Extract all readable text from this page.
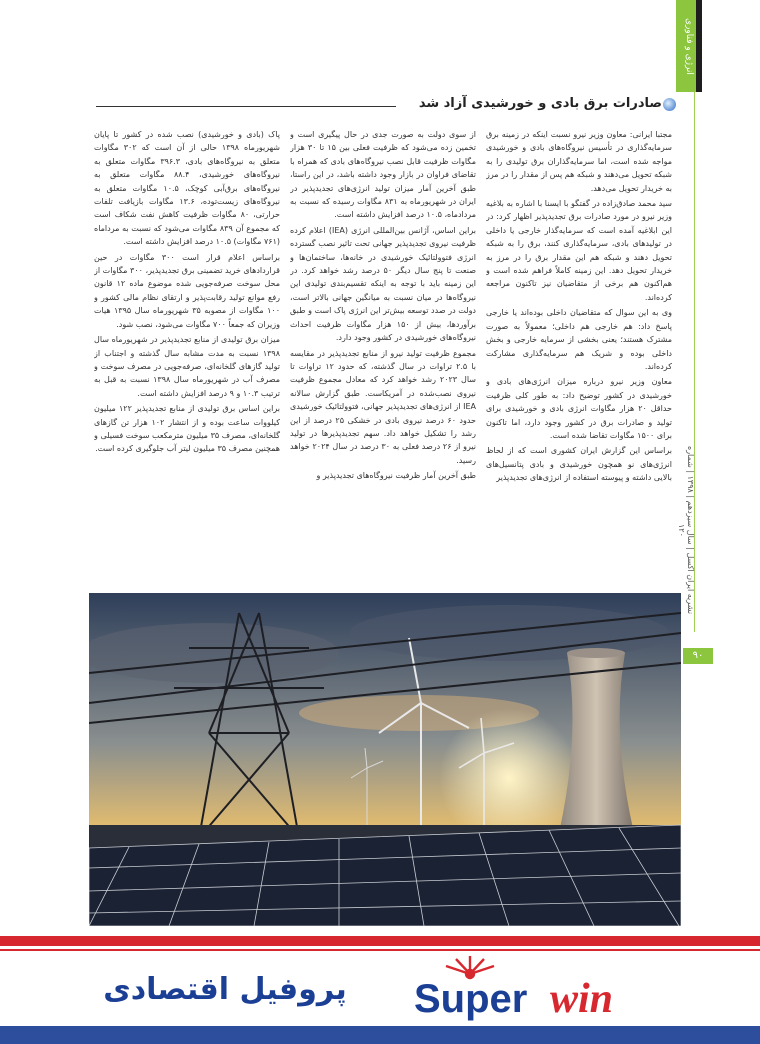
انرژی و فناوری
نشریه ایران اکسل | سال سیزدهم | ۱۳۹۸ | شماره ۱۲۰
۹۰
صادرات برق بادی و خورشیدی آزاد شد

مجتبا ایرانی: معاون وزیر نیرو نسبت اینکه در زمینه برق سرمایه‌گذاری در تأسیس نیروگاه‌های بادی و خورشیدی مواجه شده است، اما سرمایه‌گذاران برق تولیدی را به شبکه تحویل می‌دهند و شبکه هم پس از مقدار را در مرز به خریدار تحویل می‌دهد.

سید محمد صادق‌زاده در گفتگو با ایسنا با اشاره به بلاغیه وزیر نیرو در مورد صادرات برق تجدیدپذیر اظهار کرد: در این ابلاغیه آمده است که سرمایه‌گذار خارجی یا داخلی در تولیدهای بادی، سرمایه‌گذاری کنند، برق را به شبکه تحویل دهند و شبکه هم این مقدار برق را در مرز به خریدار تحویل دهد. این زمینه کاملاً فراهم شده است و هم‌اکنون هم برخی از متقاضیان نیز تاکنون مراجعه کرده‌اند.

وی به این سوال که متقاضیان داخلی بوده‌اند یا خارجی پاسخ داد: هم خارجی هم داخلی؛ معمولاً به صورت مشترک هستند؛ یعنی بخشی از سرمایه خارجی و بخش داخلی بوده و شریک هم سرمایه‌گذاری مشارکت کرده‌اند.

معاون وزیر نیرو درباره میزان انرژی‌های بادی و خورشیدی در کشور توضیح داد: به طور کلی ظرفیت حداقل ۲۰ هزار مگاوات انرژی بادی و خورشیدی برای تولید و صادرات برق در کشور وجود دارد، اما تاکنون برای ۱۵۰۰ مگاوات تقاضا شده است.

براساس این گزارش ایران کشوری است که از لحاظ انرژی‌های نو همچون خورشیدی و بادی پتانسیل‌های بالایی داشته و پیوسته استفاده از انرژی‌های تجدیدپذیر

از سوی دولت به صورت جدی در حال پیگیری است و تخمین زده می‌شود که ظرفیت فعلی بین ۱۵ تا ۳۰ هزار مگاوات ظرفیت قابل نصب نیروگاه‌های بادی که همراه با تقاضای فراوان در بازار وجود داشته باشد، در این راستا، طبق آخرین آمار میزان تولید انرژی‌های تجدیدپذیر در ایران در شهریورماه به ۸۳۱ مگاوات رسیده که نسبت به مردادماه، ۱۰.۵ درصد افزایش داشته است.

براین اساس، آژانس بین‌المللی انرژی (IEA) اعلام کرده ظرفیت نیروی تجدیدپذیر جهانی تحت تاثیر نصب گسترده انرژی فتوولتائیک خورشیدی در خانه‌ها، ساختمان‌ها و صنعت تا پنج سال دیگر ۵۰ درصد رشد خواهد کرد. در این زمینه باید با توجه به اینکه تقسیم‌بندی تولیدی این نیروگاه‌ها در میان نسبت به میانگین جهانی بالاتر است، دولت در صدد توسعه بیش‌تر این انرژی پاک است و طبق برآوردها، بیش از ۱۵۰ هزار مگاوات ظرفیت احداث نیروگاه‌های خورشیدی در کشور وجود دارد.

مجموع ظرفیت تولید نیرو از منابع تجدیدپذیر در مقایسه با ۲.۵ تراوات در سال گذشته، که حدود ۱۲ تراوات تا سال ۲۰۲۳ رشد خواهد کرد که معادل مجموع ظرفیت نیروی نصب‌شده در آمریکاست. طبق گزارش سالانه IEA از انرژی‌های تجدیدپذیر جهانی، فتوولتائیک خورشیدی حدود ۶۰ درصد نیروی بادی در خشکی ۲۵ درصد از این رشد را تشکیل خواهد داد. سهم تجدیدپذیرها در تولید نیرو از ۲۶ درصد فعلی به ۳۰ درصد در سال ۲۰۲۴ خواهد رسید.

طبق آخرین آمار ظرفیت نیروگاه‌های تجدیدپذیر و

پاک (بادی و خورشیدی) نصب شده در کشور تا پایان شهریورماه ۱۳۹۸ حالی از آن است که ۳۰۲ مگاوات متعلق به نیروگاه‌های بادی، ۳۹۶.۳ مگاوات متعلق به نیروگاه‌های خورشیدی، ۸۸.۴ مگاوات متعلق به نیروگاه‌های برق‌آبی کوچک، ۱۰.۵ مگاوات متعلق به نیروگاه‌های زیست‌توده، ۱۳.۶ مگاوات بازیافت تلفات حرارتی، ۸۰ مگاوات ظرفیت کاهش نفت شکاف است که مجموع آن ۸۳۹ مگاوات می‌شود که نسبت به مرداماه (۷۶۱ مگاوات) ۱۰.۵ درصد افزایش داشته است.

براساس اعلام قرار است ۳۰۰ مگاوات در حین قراردادهای خرید تضمینی برق تجدیدپذیر، ۳۰۰ مگاوات از محل سوخت صرفه‌جویی شده موضوع ماده ۱۲ قانون رفع موانع تولید رقابت‌پذیر و ارتقای نظام مالی کشور و ۱۰۰ مگاوات از مصوبه ۳۵ شهریورماه سال ۱۳۹۵ هیات وزیران که جمعاً ۷۰۰ مگاوات می‌شود، نصب شود.

میزان برق تولیدی از منابع تجدیدپذیر در شهریورماه سال ۱۳۹۸ نسبت به مدت مشابه سال گذشته و اجتناب از تولید گازهای گلخانه‌ای، صرفه‌جویی در مصرف سوخت و مصرف آب در شهریورماه سال ۱۳۹۸ نسبت به قبل به ترتیب ۱۰.۳ و ۹ درصد افزایش داشته است.

براین اساس برق تولیدی از منابع تجدیدپذیر ۱۲۲ میلیون کیلووات ساعت بوده و از انتشار ۱۰۲ هزار تن گازهای گلخانه‌ای، مصرف ۳۵ میلیون مترمکعب سوخت فسیلی و همچنین مصرف ۳۵ میلیون لیتر آب جلوگیری کرده است.

پروفیل اقتصادی	Super win
